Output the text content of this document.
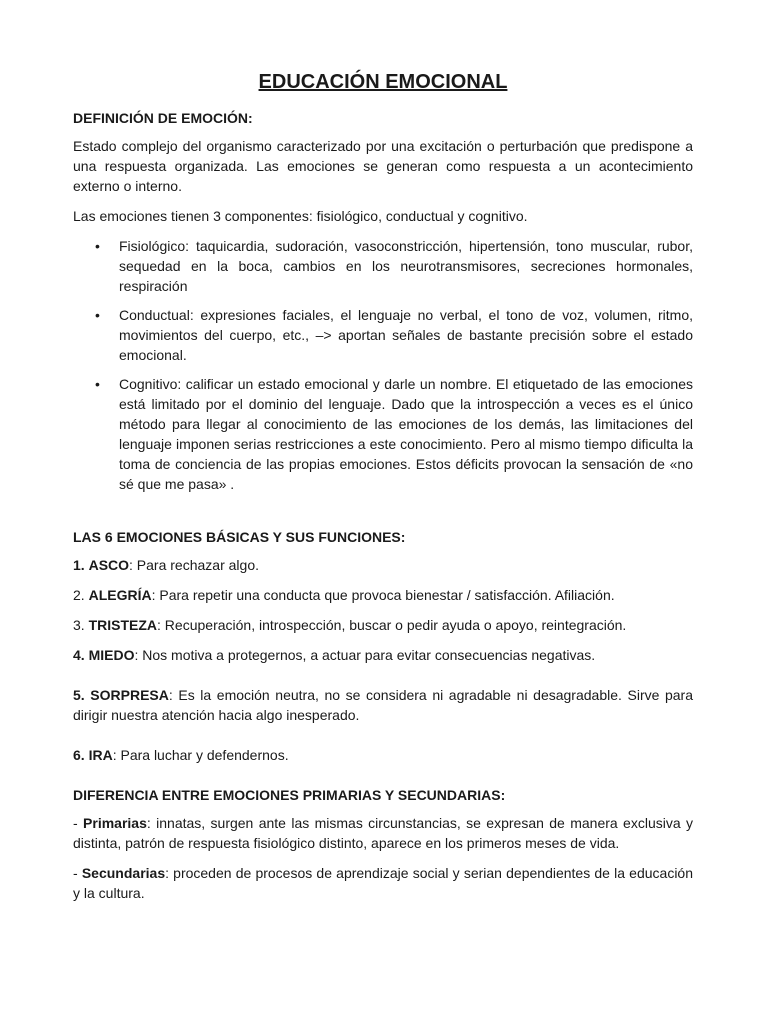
EDUCACIÓN EMOCIONAL
DEFINICIÓN DE EMOCIÓN:

Estado complejo del organismo caracterizado por una excitación o perturbación que predispone a una respuesta organizada. Las emociones se generan como respuesta a un acontecimiento externo o interno.

Las emociones tienen 3 componentes: fisiológico, conductual y cognitivo.

• Fisiológico: taquicardia, sudoración, vasoconstricción, hipertensión, tono muscular, rubor, sequedad en la boca, cambios en los neurotransmisores, secreciones hormonales, respiración
• Conductual: expresiones faciales, el lenguaje no verbal, el tono de voz, volumen, ritmo, movimientos del cuerpo, etc., –> aportan señales de bastante precisión sobre el estado emocional.
• Cognitivo: calificar un estado emocional y darle un nombre. El etiquetado de las emociones está limitado por el dominio del lenguaje. Dado que la introspección a veces es el único método para llegar al conocimiento de las emociones de los demás, las limitaciones del lenguaje imponen serias restricciones a este conocimiento. Pero al mismo tiempo dificulta la toma de conciencia de las propias emociones. Estos déficits provocan la sensación de «no sé que me pasa» .
LAS 6 EMOCIONES BÁSICAS Y SUS FUNCIONES:

1. ASCO: Para rechazar algo.

2. ALEGRÍA: Para repetir una conducta que provoca bienestar / satisfacción. Afiliación.

3. TRISTEZA: Recuperación, introspección, buscar o pedir ayuda o apoyo, reintegración.

4. MIEDO: Nos motiva a protegernos, a actuar para evitar consecuencias negativas.

5. SORPRESA: Es la emoción neutra, no se considera ni agradable ni desagradable. Sirve para dirigir nuestra atención hacia algo inesperado.

6. IRA: Para luchar y defendernos.

DIFERENCIA ENTRE EMOCIONES PRIMARIAS Y SECUNDARIAS:

- Primarias: innatas, surgen ante las mismas circunstancias, se expresan de manera exclusiva y distinta, patrón de respuesta fisiológico distinto, aparece en los primeros meses de vida.

- Secundarias: proceden de procesos de aprendizaje social y serian dependientes de la educación y la cultura.
